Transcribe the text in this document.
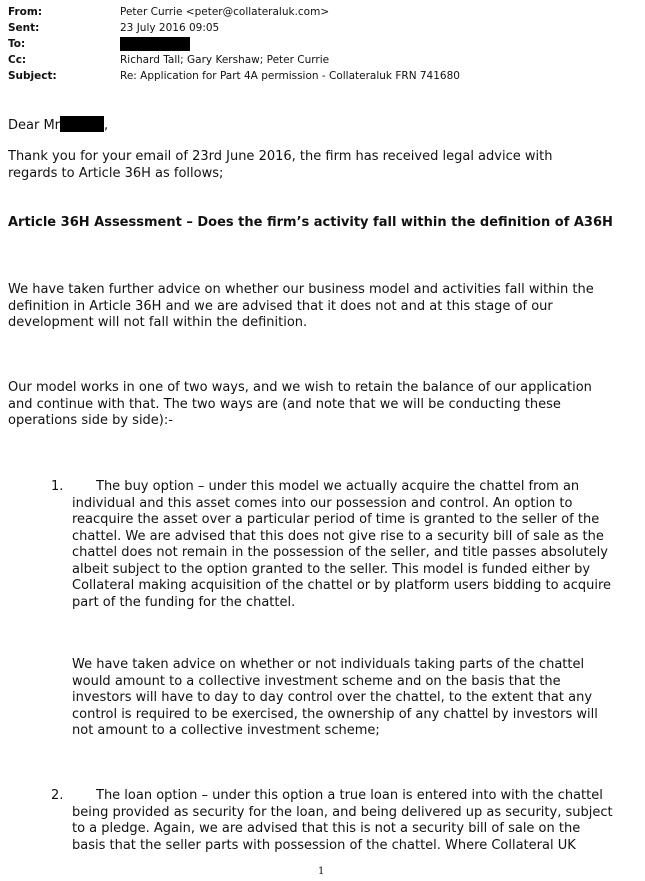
From:	Peter Currie <peter@collateraluk.com>
Sent:	23 July 2016 09:05
To:
Cc:	Richard Tall; Gary Kershaw; Peter Currie
Subject:	Re: Application for Part 4A permission - Collateraluk FRN 741680
Dear Mr	,
Thank you for your email of 23rd June 2016, the firm has received legal advice with
regards to Article 36H as follows;
Article 36H Assessment – Does the firm’s activity fall within the definition of A36H
We have taken further advice on whether our business model and activities fall within the
definition in Article 36H and we are advised that it does not and at this stage of our
development will not fall within the definition.
Our model works in one of two ways, and we wish to retain the balance of our application
and continue with that. The two ways are (and note that we will be conducting these
operations side by side):-
1.	The buy option – under this model we actually acquire the chattel from an
individual and this asset comes into our possession and control. An option to
reacquire the asset over a particular period of time is granted to the seller of the
chattel. We are advised that this does not give rise to a security bill of sale as the
chattel does not remain in the possession of the seller, and title passes absolutely
albeit subject to the option granted to the seller. This model is funded either by
Collateral making acquisition of the chattel or by platform users bidding to acquire
part of the funding for the chattel.
We have taken advice on whether or not individuals taking parts of the chattel
would amount to a collective investment scheme and on the basis that the
investors will have to day to day control over the chattel, to the extent that any
control is required to be exercised, the ownership of any chattel by investors will
not amount to a collective investment scheme;
2.	The loan option – under this option a true loan is entered into with the chattel
being provided as security for the loan, and being delivered up as security, subject
to a pledge. Again, we are advised that this is not a security bill of sale on the
basis that the seller parts with possession of the chattel. Where Collateral UK
1
